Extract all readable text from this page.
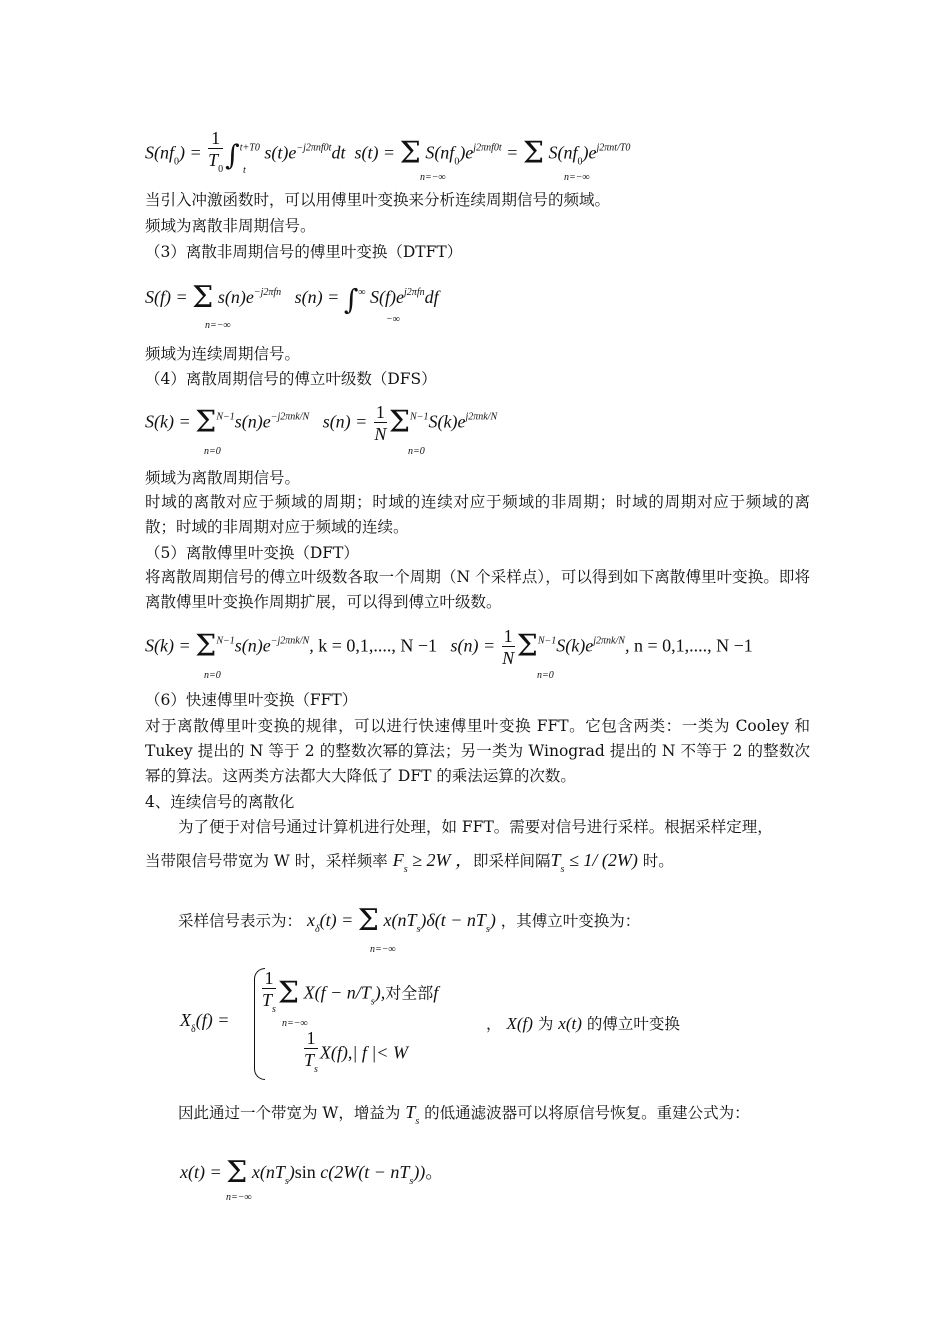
$S(nf_0) = \frac{1}{T_0} \int^{t+T0}$ $s(t)e^{-j2\pi nf0t}dt$  s(t) = Σ $S(nf_0)e^{j2\pi nf0t} = \Sigma$ $S(nf_0)e^{j2\pi nt/T0}$
n=−∞	n=−∞
t
当引入冲激函数时，可以用傅里叶变换来分析连续周期信号的频域。
频域为离散非周期信号。
（3）离散非周期信号的傅里叶变换（DTFT）
S(f) = Σ $s(n)e^{-j2\pi fn}$   s(n) = ∫∞ $S(f)e^{j2\pi fn}df$
n=−∞
−∞
频域为连续周期信号。
（4）离散周期信号的傅立叶级数（DFS）
$S(k) = \Sigma^{N-1}s(n)e^{-j2\pi nk/N}$   $s(n) = \frac{1}{N} \Sigma^{N-1}S(k)e^{j2\pi nk/N}$
n=0	n=0
频域为离散周期信号。
时域的离散对应于频域的周期；时域的连续对应于频域的非周期；时域的周期对应于频域的离散；时域的非周期对应于频域的连续。
（5）离散傅里叶变换（DFT）
将离散周期信号的傅立叶级数各取一个周期（N 个采样点），可以得到如下离散傅里叶变换。即将离散傅里叶变换作周期扩展，可以得到傅立叶级数。
$S(k) = \Sigma^{N-1}s(n)e^{-j2\pi nk/N}$, k = 0,1,...., N −1   $s(n) = \frac{1}{N} \Sigma^{N-1}S(k)e^{j2\pi nk/N}$, n = 0,1,...., N −1
n=0	n=0
（6）快速傅里叶变换（FFT）
对于离散傅里叶变换的规律，可以进行快速傅里叶变换 FFT。它包含两类：一类为 Cooley 和 Tukey 提出的 N 等于 2 的整数次幂的算法；另一类为 Winograd 提出的 N 不等于 2 的整数次幂的算法。这两类方法都大大降低了 DFT 的乘法运算的次数。
4、连续信号的离散化
为了便于对信号通过计算机进行处理，如 FFT。需要对信号进行采样。根据采样定理，
当带限信号带宽为 W 时，采样频率 $F_s \ge 2W$ ，即采样间隔$T_s \le 1/$ (2W) 时。
采样信号表示为： $x_\delta(t) = \Sigma$ $x(nT_s)\delta(t - nT_s)$ ，其傅立叶变换为：
n=−∞
$X_\delta(f) = \frac{1}{T_s}$ Σ $X(f - n/T_s)$,对全部f
n=−∞
$\frac{1}{T_s} X(f),|$ f |< W
， X(f) 为 x(t) 的傅立叶变换
因此通过一个带宽为 W，增益为 $T_s$ 的低通滤波器可以将原信号恢复。重建公式为：
x(t) = Σ $x(nT_s)\sin$ $c(2W(t - nT_s))$。
n=−∞
